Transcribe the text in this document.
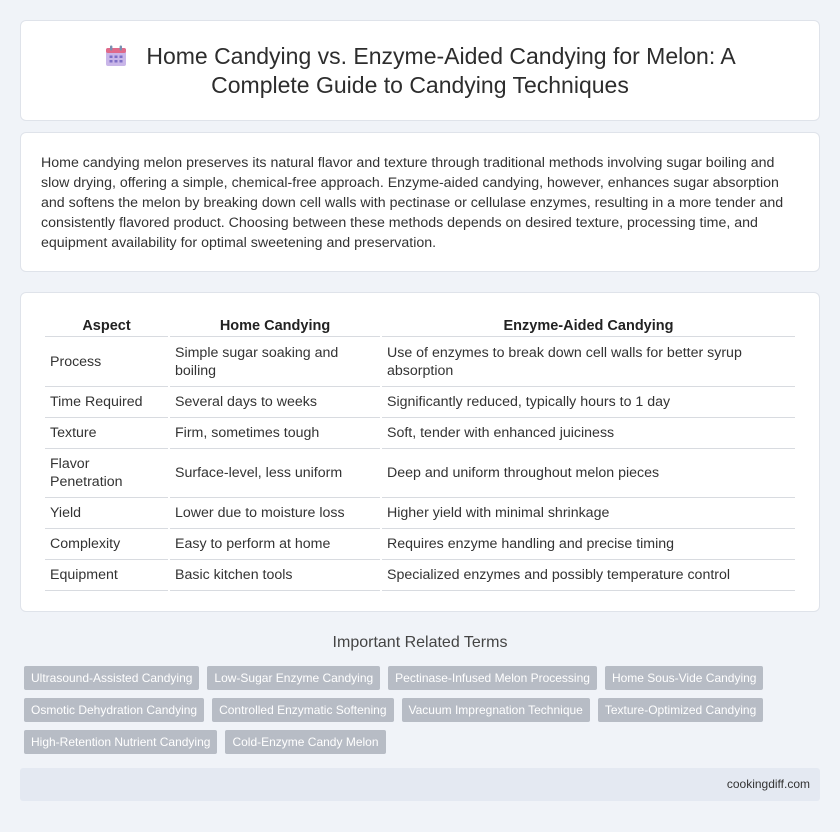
Home Candying vs. Enzyme-Aided Candying for Melon: A Complete Guide to Candying Techniques

Home candying melon preserves its natural flavor and texture through traditional methods involving sugar boiling and slow drying, offering a simple, chemical-free approach. Enzyme-aided candying, however, enhances sugar absorption and softens the melon by breaking down cell walls with pectinase or cellulase enzymes, resulting in a more tender and consistently flavored product. Choosing between these methods depends on desired texture, processing time, and equipment availability for optimal sweetening and preservation.

Aspect	Home Candying	Enzyme-Aided Candying
Process	Simple sugar soaking and boiling	Use of enzymes to break down cell walls for better syrup absorption
Time Required	Several days to weeks	Significantly reduced, typically hours to 1 day
Texture	Firm, sometimes tough	Soft, tender with enhanced juiciness
Flavor Penetration	Surface-level, less uniform	Deep and uniform throughout melon pieces
Yield	Lower due to moisture loss	Higher yield with minimal shrinkage
Complexity	Easy to perform at home	Requires enzyme handling and precise timing
Equipment	Basic kitchen tools	Specialized enzymes and possibly temperature control
Important Related Terms
Ultrasound-Assisted Candying	Low-Sugar Enzyme Candying	Pectinase-Infused Melon Processing	Home Sous-Vide Candying
Osmotic Dehydration Candying	Controlled Enzymatic Softening	Vacuum Impregnation Technique	Texture-Optimized Candying
High-Retention Nutrient Candying	Cold-Enzyme Candy Melon
cookingdiff.com
